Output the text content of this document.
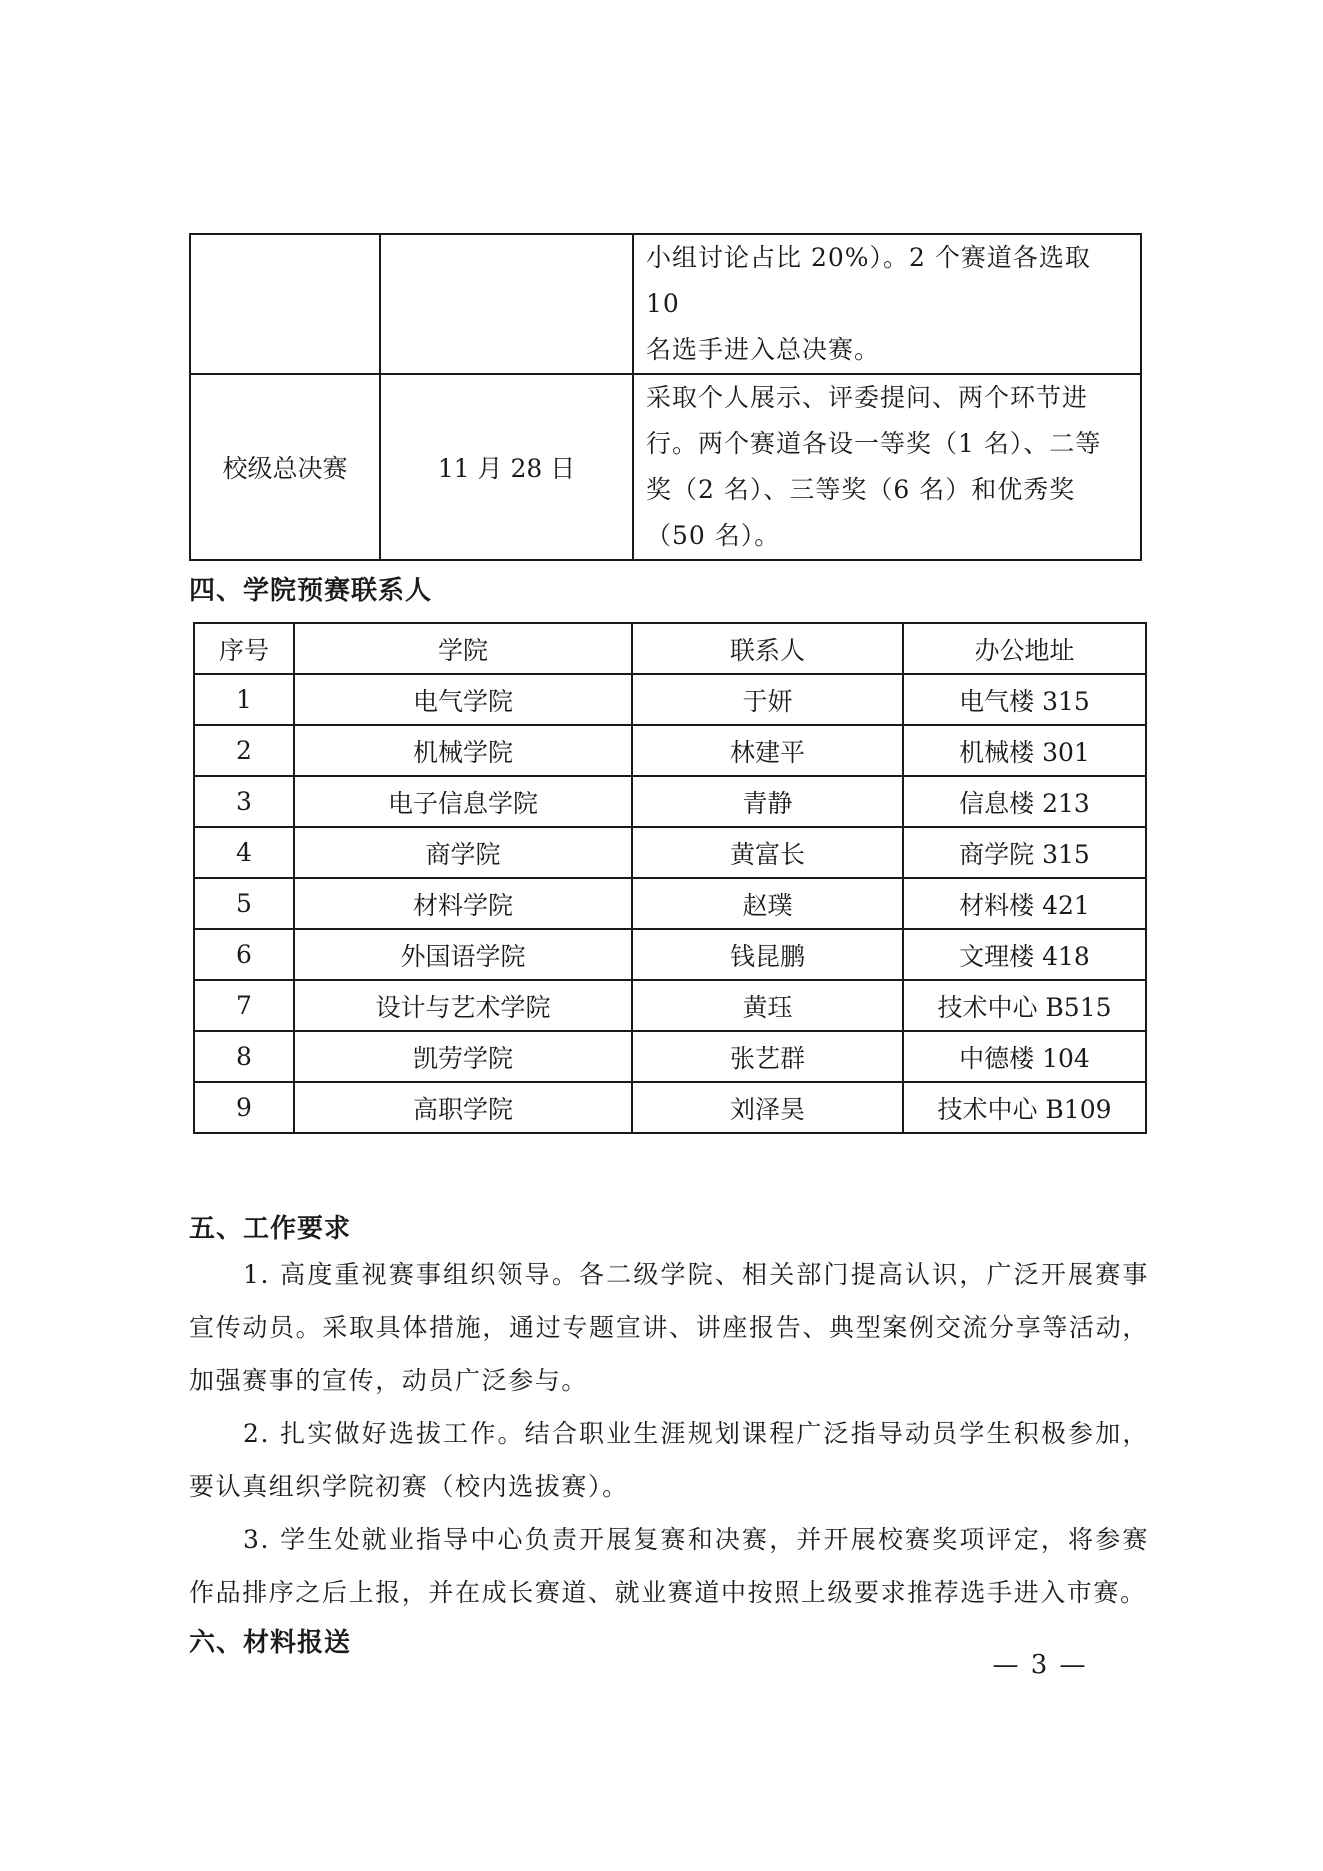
		小组讨论占比 20%）。2 个赛道各选取 10
名选手进入总决赛。

校级总决赛	11 月 28 日	采取个人展示、评委提问、两个环节进
行。两个赛道各设一等奖（1 名）、二等
奖（2 名）、三等奖（6 名）和优秀奖
（50 名）。
四、学院预赛联系人
序号	学院	联系人	办公地址
1	电气学院	于妍	电气楼 315
2	机械学院	林建平	机械楼 301
3	电子信息学院	青静	信息楼 213
4	商学院	黄富长	商学院 315
5	材料学院	赵璞	材料楼 421
6	外国语学院	钱昆鹏	文理楼 418
7	设计与艺术学院	黄珏	技术中心 B515
8	凯劳学院	张艺群	中德楼 104
9	高职学院	刘泽昊	技术中心 B109
五、工作要求

1. 高度重视赛事组织领导。各二级学院、相关部门提高认识，广泛开展赛事宣传动员。采取具体措施，通过专题宣讲、讲座报告、典型案例交流分享等活动，加强赛事的宣传，动员广泛参与。

2. 扎实做好选拔工作。结合职业生涯规划课程广泛指导动员学生积极参加，要认真组织学院初赛（校内选拔赛）。

3. 学生处就业指导中心负责开展复赛和决赛，并开展校赛奖项评定，将参赛作品排序之后上报，并在成长赛道、就业赛道中按照上级要求推荐选手进入市赛。

六、材料报送
— 3 —
